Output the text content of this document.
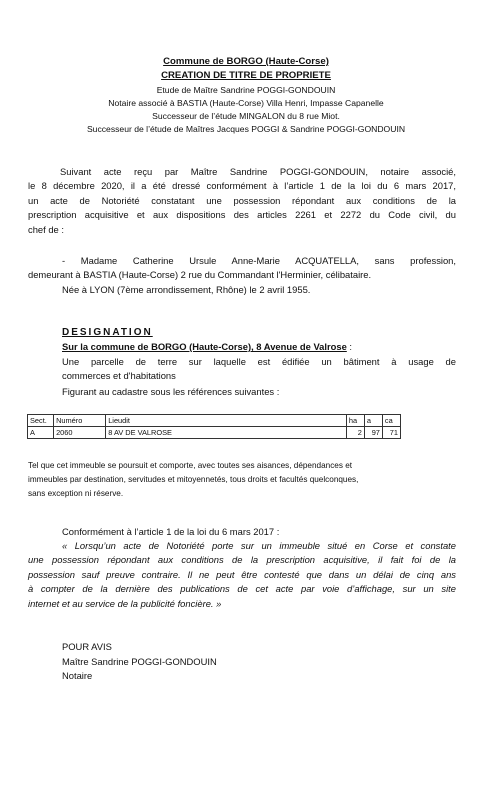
Commune de BORGO (Haute-Corse)
CREATION DE TITRE DE PROPRIETE
Etude de Maître Sandrine POGGI-GONDOUIN
Notaire associé à BASTIA (Haute-Corse) Villa Henri, Impasse Capanelle
Successeur de l’étude MINGALON du 8 rue Miot.
Successeur de l’étude de Maîtres Jacques POGGI & Sandrine POGGI-GONDOUIN
Suivant acte reçu par Maître Sandrine POGGI-GONDOUIN, notaire associé,
le 8 décembre 2020, il a été dressé conformément à l’article 1 de la loi du 6 mars 2017,
un acte de Notoriété constatant une possession répondant aux conditions de la
prescription acquisitive et aux dispositions des articles 2261 et 2272 du Code civil, du
chef de :
- Madame Catherine Ursule Anne-Marie ACQUATELLA, sans profession,
demeurant à BASTIA (Haute-Corse) 2 rue du Commandant l'Herminier, célibataire.
Née à LYON (7ème arrondissement, Rhône) le 2 avril 1955.
DESIGNATION
Sur la commune de BORGO (Haute-Corse), 8 Avenue de Valrose :
Une parcelle de terre sur laquelle est édifiée un bâtiment à usage de
commerces et d'habitations
Figurant au cadastre sous les références suivantes :
Sect.	Numéro	Lieudit	ha	a	ca
A	2060	8 AV DE VALROSE	2	97	71
Tel que cet immeuble se poursuit et comporte, avec toutes ses aisances, dépendances et
immeubles par destination, servitudes et mitoyennetés, tous droits et facultés quelconques,
sans exception ni réserve.
Conformément à l’article 1 de la loi du 6 mars 2017 :
« Lorsqu’un acte de Notoriété porte sur un immeuble situé en Corse et constate
une possession répondant aux conditions de la prescription acquisitive, il fait foi de la
possession sauf preuve contraire. Il ne peut être contesté que dans un délai de cinq ans
à compter de la dernière des publications de cet acte par voie d’affichage, sur un site
internet et au service de la publicité foncière. »
POUR AVIS
Maître Sandrine POGGI-GONDOUIN
Notaire
